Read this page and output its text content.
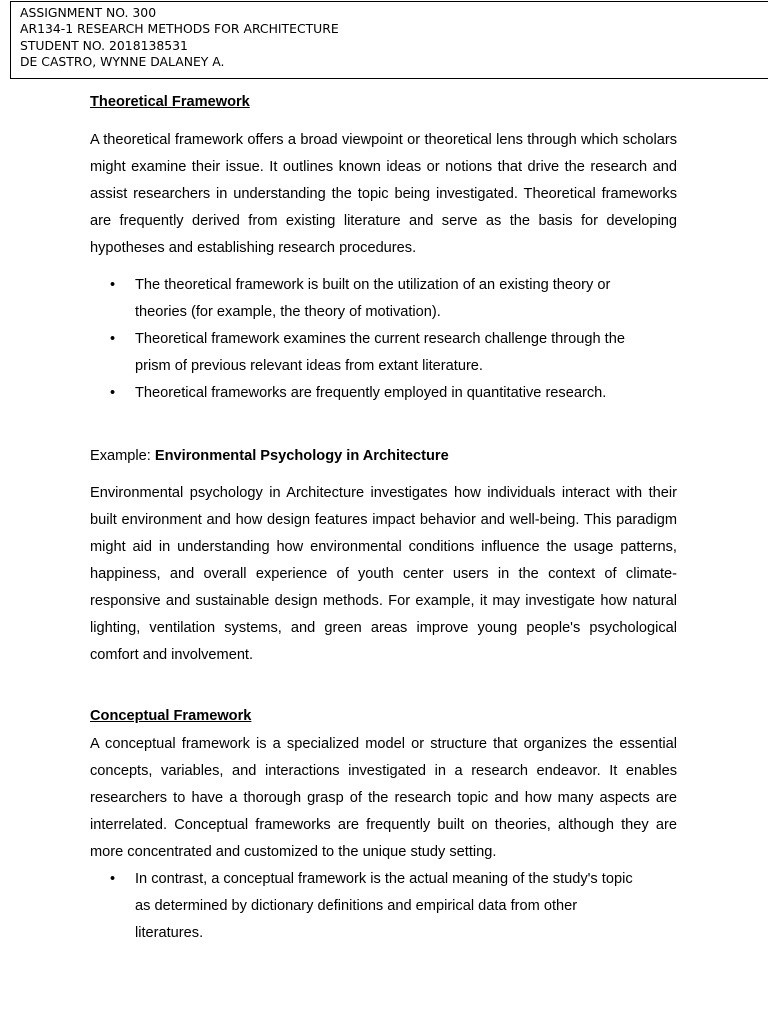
ASSIGNMENT NO. 300
AR134-1 RESEARCH METHODS FOR ARCHITECTURE
STUDENT NO. 2018138531
DE CASTRO, WYNNE DALANEY A.
Theoretical Framework

A theoretical framework offers a broad viewpoint or theoretical lens through which scholars might examine their issue. It outlines known ideas or notions that drive the research and assist researchers in understanding the topic being investigated. Theoretical frameworks are frequently derived from existing literature and serve as the basis for developing hypotheses and establishing research procedures.

• The theoretical framework is built on the utilization of an existing theory or theories (for example, the theory of motivation).
• Theoretical framework examines the current research challenge through the prism of previous relevant ideas from extant literature.
• Theoretical frameworks are frequently employed in quantitative research.

Example: Environmental Psychology in Architecture

Environmental psychology in Architecture investigates how individuals interact with their built environment and how design features impact behavior and well-being. This paradigm might aid in understanding how environmental conditions influence the usage patterns, happiness, and overall experience of youth center users in the context of climate-responsive and sustainable design methods. For example, it may investigate how natural lighting, ventilation systems, and green areas improve young people's psychological comfort and involvement.

Conceptual Framework

A conceptual framework is a specialized model or structure that organizes the essential concepts, variables, and interactions investigated in a research endeavor. It enables researchers to have a thorough grasp of the research topic and how many aspects are interrelated. Conceptual frameworks are frequently built on theories, although they are more concentrated and customized to the unique study setting.

• In contrast, a conceptual framework is the actual meaning of the study's topic as determined by dictionary definitions and empirical data from other literatures.
